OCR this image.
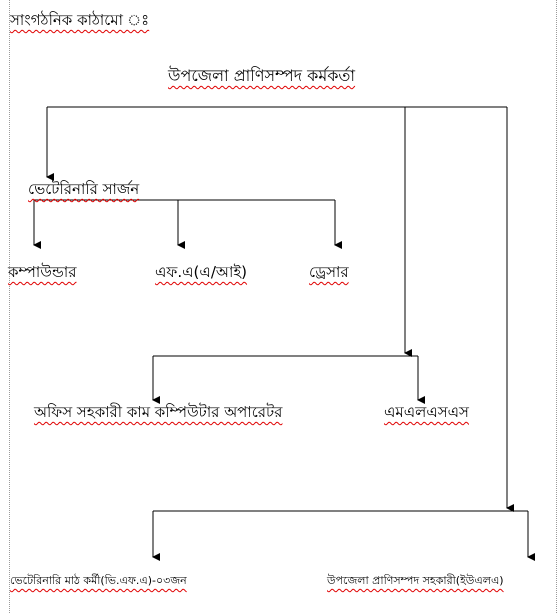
সাংগঠনিক কাঠামো ঃ
উপজেলা প্রাণিসম্পদ কর্মকর্তা
ভেটেরিনারি সার্জন
কম্পাউন্ডার	এফ.এ(এ/আই)	ড্রেসার
অফিস সহকারী কাম কম্পিউটার অপারেটর	এমএলএসএস
ভেটেরিনারি মাঠ কর্মী(ভি.এফ.এ)-০৩জন	উপজেলা প্রাণিসম্পদ সহকারী(ইউএলএ)
